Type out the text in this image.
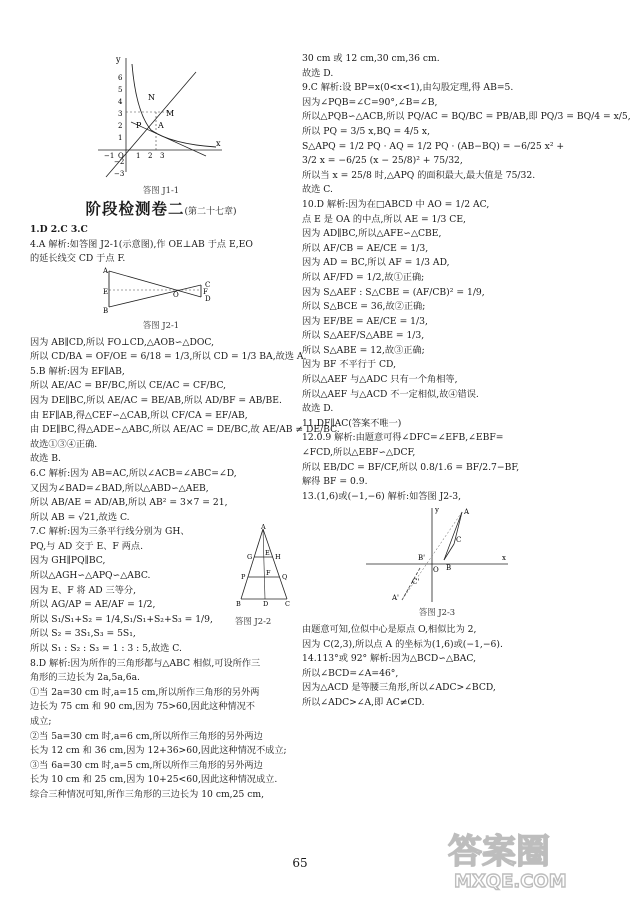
y
x
N
M
P A
O 1 2 3
1
2
3
4
5
6
−1
−2
−3
答图 J1-1
阶段检测卷二(第二十七章)
1.D 2.C 3.C
4.A 解析:如答图 J2-1(示意图),作 OE⊥AB 于点 E,EO
的延长线交 CD 于点 F.
A
B
C
D
E	F
O
答图 J2-1
因为 AB∥CD,所以 FO⊥CD,△AOB∽△DOC,
所以 CD/BA = OF/OE = 6/18 = 1/3,所以 CD = 1/3 BA,故选 A.
5.B 解析:因为 EF∥AB,
所以 AE/AC = BF/BC,所以 CE/AC = CF/BC,
因为 DE∥BC,所以 AE/AC = BE/AB,所以 AD/BF = AB/BE.
由 EF∥AB,得△CEF∽△CAB,所以 CF/CA = EF/AB,
由 DE∥BC,得△ADE∽△ABC,所以 AE/AC = DE/BC,故 AE/AB ≠ DE/BC.
故选①③④正确.
故选 B.
6.C 解析:因为 AB=AC,所以∠ACB=∠ABC=∠D,
又因为∠BAD=∠BAD,所以△ABD∽△AEB,
所以 AB/AE = AD/AB,所以 AB² = 3×7 = 21,
所以 AB = √21,故选 C.
7.C 解析:因为三条平行线分别为 GH、
PQ,与 AD 交于 E、F 两点.
因为 GH∥PQ∥BC,
所以△AGH∽△APQ∽△ABC.
因为 E、F 将 AD 三等分,
所以 AG/AP = AE/AF = 1/2,
所以 S₁/S₁+S₂ = 1/4,S₁/S₁+S₂+S₃ = 1/9,
所以 S₂ = 3S₁,S₃ = 5S₁,
所以 S₁ : S₂ : S₃ = 1 : 3 : 5,故选 C.
A
G E H
P	Q
F
B	D	C
答图 J2-2
8.D 解析:因为所作的三角形都与△ABC 相似,可设所作三
角形的三边长为 2a,5a,6a.
①当 2a=30 cm 时,a=15 cm,所以所作三角形的另外两
边长为 75 cm 和 90 cm,因为 75>60,因此这种情况不
成立;
②当 5a=30 cm 时,a=6 cm,所以所作三角形的另外两边
长为 12 cm 和 36 cm,因为 12+36>60,因此这种情况不成立;
③当 6a=30 cm 时,a=5 cm,所以所作三角形的另外两边
长为 10 cm 和 25 cm,因为 10+25<60,因此这种情况成立.
综合三种情况可知,所作三角形的三边长为 10 cm,25 cm,
30 cm 或 12 cm,30 cm,36 cm.
故选 D.
9.C 解析:设 BP=x(0<x<1),由勾股定理,得 AB=5.
因为∠PQB=∠C=90°,∠B=∠B,
所以△PQB∽△ACB,所以 PQ/AC = BQ/BC = PB/AB,即 PQ/3 = BQ/4 = x/5,
所以 PQ = 3/5 x,BQ = 4/5 x,
S△APQ = 1/2 PQ · AQ = 1/2 PQ · (AB−BQ) = −6/25 x² +
3/2 x = −6/25 (x − 25/8)² + 75/32,
所以当 x = 25/8 时,△APQ 的面积最大,最大值是 75/32.
故选 C.
10.D 解析:因为在□ABCD 中 AO = 1/2 AC,
点 E 是 OA 的中点,所以 AE = 1/3 CE,
因为 AD∥BC,所以△AFE∽△CBE,
所以 AF/CB = AE/CE = 1/3,
因为 AD = BC,所以 AF = 1/3 AD,
所以 AF/FD = 1/2,故①正确;
因为 S△AEF : S△CBE = (AF/CB)² = 1/9,
所以 S△BCE = 36,故②正确;
因为 EF/BE = AE/CE = 1/3,
所以 S△AEF/S△ABE = 1/3,
所以 S△ABE = 12,故③正确;
因为 BF 不平行于 CD,
所以△AEF 与△ADC 只有一个角相等,
所以△AEF 与△ACD 不一定相似,故④错误.
故选 D.
11.DF∥AC(答案不唯一)
12.0.9 解析:由题意可得∠DFC=∠EFB,∠EBF=
∠FCD,所以△EBF∽△DCF,
所以 EB/DC = BF/CF,所以 0.8/1.6 = BF/2.7−BF,
解得 BF = 0.9.
13.(1,6)或(−1,−6) 解析:如答图 J2-3,
y
x
A
C
B'
B
O
C'
A'
答图 J2-3
由题意可知,位似中心是原点 O,相似比为 2,
因为 C(2,3),所以点 A 的坐标为(1,6)或(−1,−6).
14.113°或 92° 解析:因为△BCD∽△BAC,
所以∠BCD=∠A=46°,
因为△ACD 是等腰三角形,所以∠ADC>∠BCD,
所以∠ADC>∠A,即 AC≠CD.
65	答案圈
MXQE.COM
